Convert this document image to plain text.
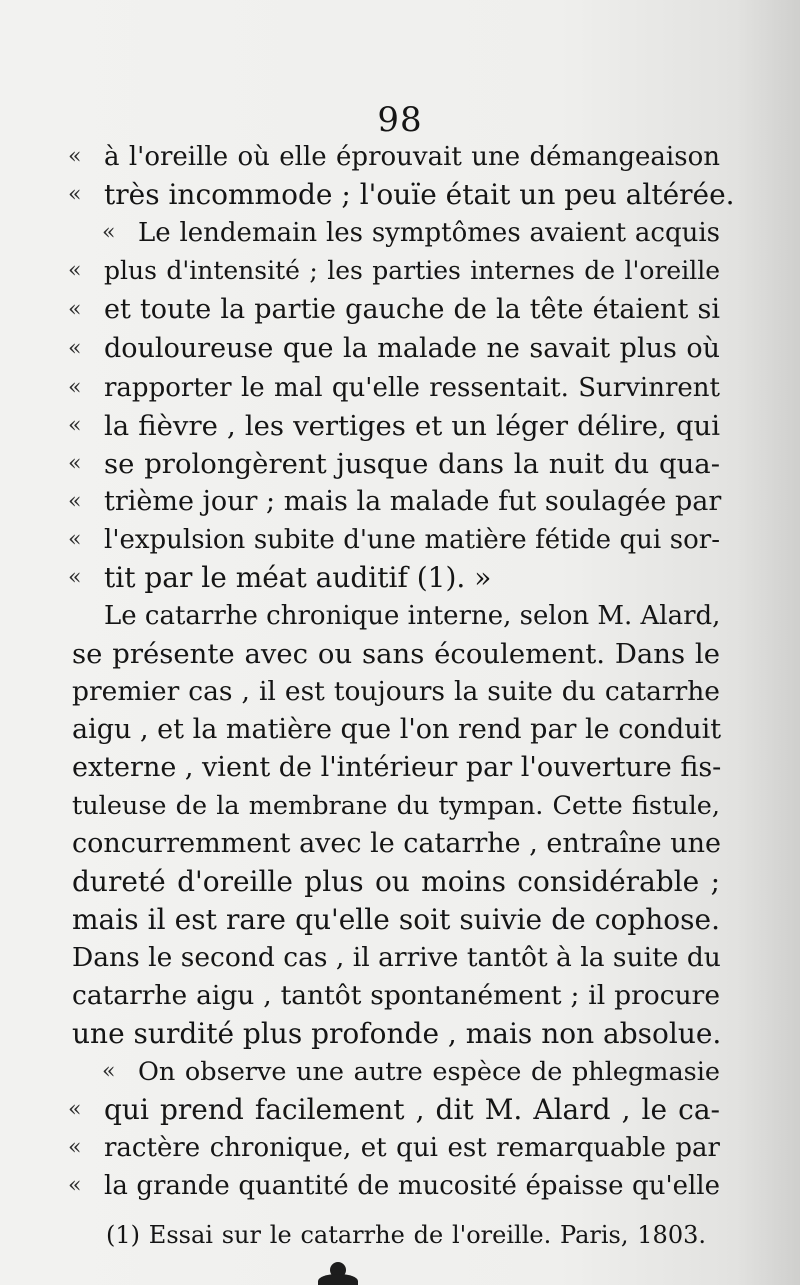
98
« à l'oreille où elle éprouvait une démangeaison
« très incommode ; l'ouïe était un peu altérée.
« Le lendemain les symptômes avaient acquis
« plus d'intensité ; les parties internes de l'oreille
« et toute la partie gauche de la tête étaient si
« douloureuse que la malade ne savait plus où
« rapporter le mal qu'elle ressentait. Survinrent
« la fièvre , les vertiges et un léger délire, qui
« se prolongèrent jusque dans la nuit du qua-
« trième jour ; mais la malade fut soulagée par
« l'expulsion subite d'une matière fétide qui sor-
« tit par le méat auditif (1). »
Le catarrhe chronique interne, selon M. Alard,
se présente avec ou sans écoulement. Dans le
premier cas , il est toujours la suite du catarrhe
aigu , et la matière que l'on rend par le conduit
externe , vient de l'intérieur par l'ouverture fis-
tuleuse de la membrane du tympan. Cette fistule,
concurremment avec le catarrhe , entraîne une
dureté d'oreille plus ou moins considérable ;
mais il est rare qu'elle soit suivie de cophose.
Dans le second cas , il arrive tantôt à la suite du
catarrhe aigu , tantôt spontanément ; il procure
une surdité plus profonde , mais non absolue.
« On observe une autre espèce de phlegmasie
« qui prend facilement , dit M. Alard , le ca-
« ractère chronique, et qui est remarquable par
« la grande quantité de mucosité épaisse qu'elle
(1) Essai sur le catarrhe de l'oreille. Paris, 1803.
